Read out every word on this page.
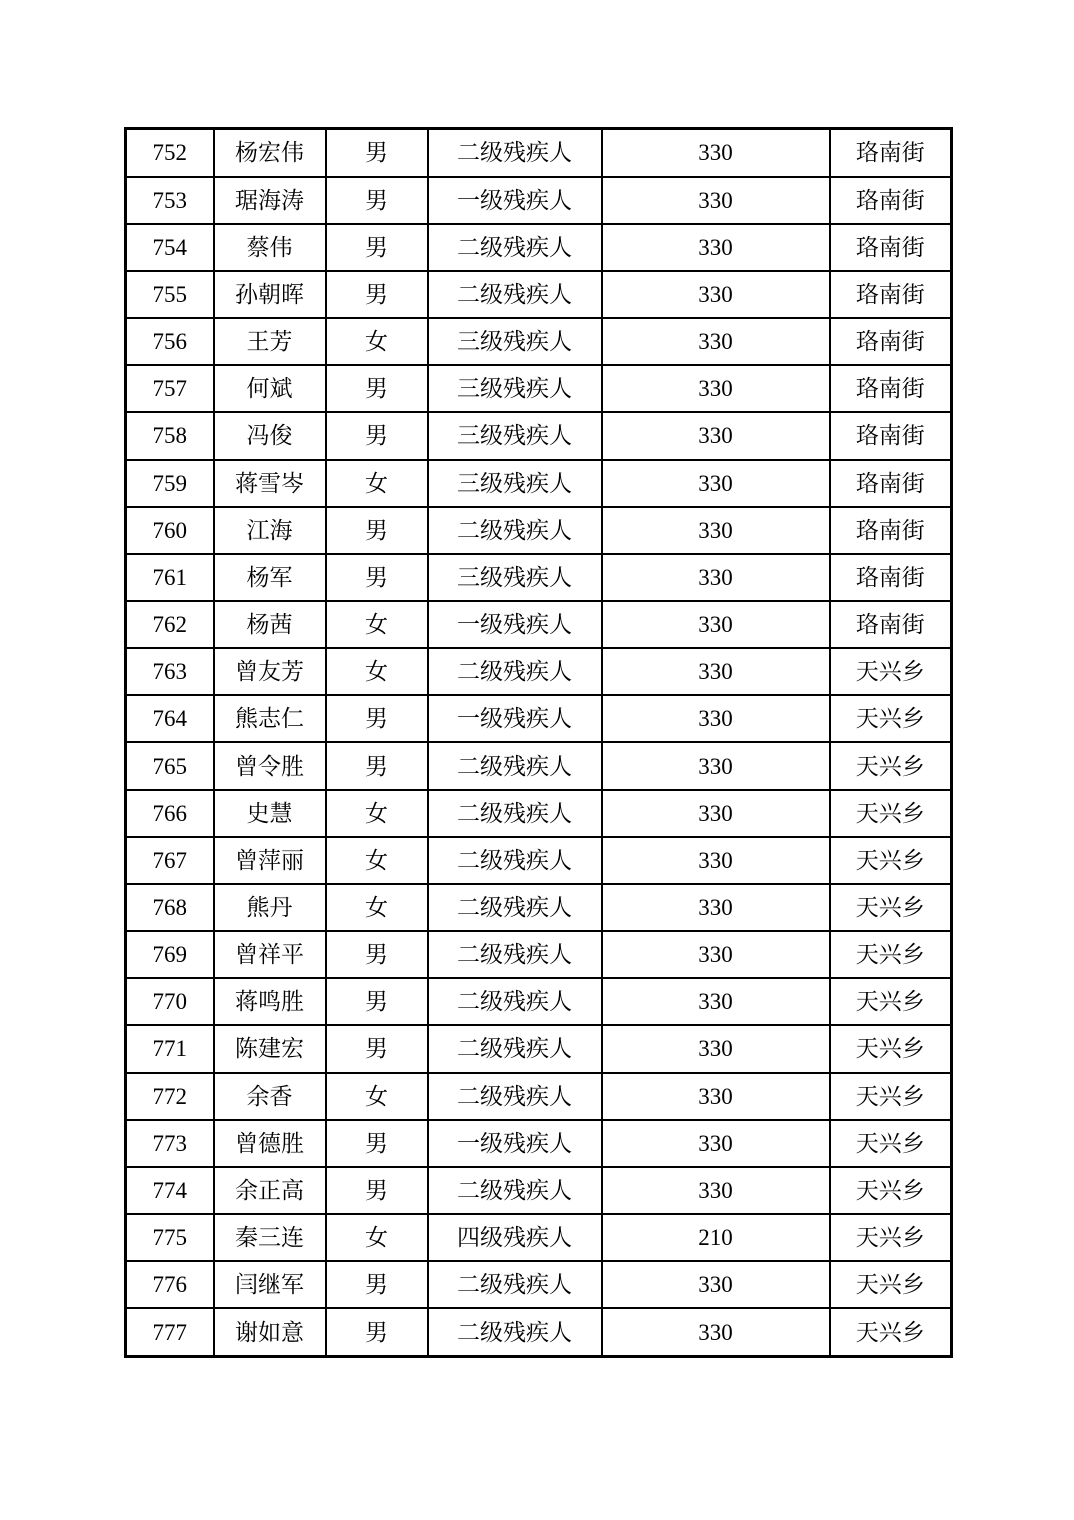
752	杨宏伟	男	二级残疾人	330	珞南街
753	琚海涛	男	一级残疾人	330	珞南街
754	蔡伟	男	二级残疾人	330	珞南街
755	孙朝晖	男	二级残疾人	330	珞南街
756	王芳	女	三级残疾人	330	珞南街
757	何斌	男	三级残疾人	330	珞南街
758	冯俊	男	三级残疾人	330	珞南街
759	蒋雪岑	女	三级残疾人	330	珞南街
760	江海	男	二级残疾人	330	珞南街
761	杨军	男	三级残疾人	330	珞南街
762	杨茜	女	一级残疾人	330	珞南街
763	曾友芳	女	二级残疾人	330	天兴乡
764	熊志仁	男	一级残疾人	330	天兴乡
765	曾令胜	男	二级残疾人	330	天兴乡
766	史慧	女	二级残疾人	330	天兴乡
767	曾萍丽	女	二级残疾人	330	天兴乡
768	熊丹	女	二级残疾人	330	天兴乡
769	曾祥平	男	二级残疾人	330	天兴乡
770	蒋鸣胜	男	二级残疾人	330	天兴乡
771	陈建宏	男	二级残疾人	330	天兴乡
772	余香	女	二级残疾人	330	天兴乡
773	曾德胜	男	一级残疾人	330	天兴乡
774	余正高	男	二级残疾人	330	天兴乡
775	秦三连	女	四级残疾人	210	天兴乡
776	闫继军	男	二级残疾人	330	天兴乡
777	谢如意	男	二级残疾人	330	天兴乡
